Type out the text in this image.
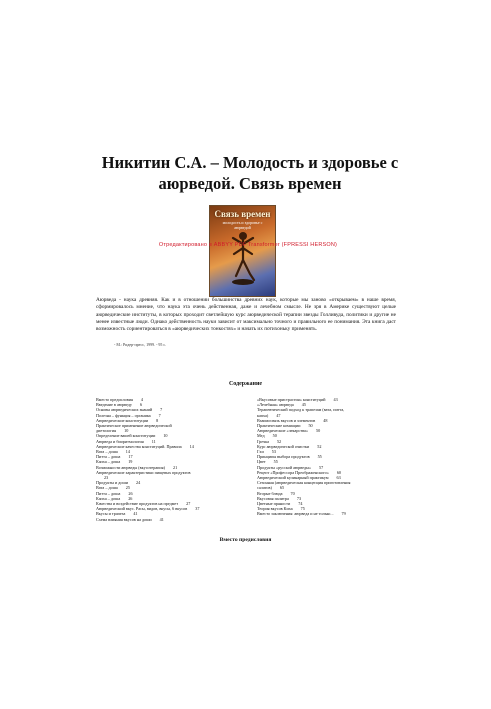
Никитин С.А. – Молодость и здоровье с аюрведой. Связь времен
Связь времен
молодость и здоровье с аюрведой
Отредактировано в ABBYY PDF Transformer (FPRESSI HERSON)

Аюрведа - наука древняя. Как и в отношении большинства древних наук, которые мы заново «открываем» в наше время, сформировалось мнение, что наука эта очень действенная, даже и лечебном смысле. Не зря в Америке существуют целые аюрведические институты, в которых проходит светлейшую курс аюрведической терапии звезды Голливуда, политики и другие не менее известные люди. Однако действенность науки зависит от максимально точного и правильного ее понимания. Эта книга даст возможность сориентироваться в «аюрведических тонкостях» и начать их потихоньку применять.

- М.: Ридер-пресс, 1999. - 95 с.
Содержание
Вместо предисловия 4
Введение в аюрведу 6
Основы аюрведических знаний 7
Полезна – функция – органика 7
Аюрведические конституции 8
Практическое применение аюрведической
диетология 10
Определение вашей конституции 10
Аюрведа и биоритмология 11
Аюрведические качества конституций. Правила 14
Вата – доша 14
Питта – доша 17
Капха – доша 19
Возможности аюрведы (вкусотерапия) 21
Аюрведические характеристики пищевых продуктов
23
Продукты и доши 24
Вата – доша 25
Питта – доша 26
Капха – доша 26
Качества и воздействие продуктов на предмет 27
Аюрведический вкус. Расы, видов, вкусы, 6 вкусов 37
Вкусы и трапеза 41
Схема влияния вкусов на доши 41
«Вкусовые пристрастия» конституций 43
«Лечебная» аюрведа 45
Терапевтический подход к трапезам (вата, питта,
капха) 47
Взаимосвязь вкусов и элементов 48
Практические комиации 50
Аюрведические «лекарства» 50
Мед 50
Гречка 52
Курс аюрведической очистки 52
Гхи 53
Принципы выбора продуктов 55
Цвет 55
Продукты «русской аюрведы» 57
Рецепт «Профессора Преображенского» 60
Аюрведический кулинарный практикум 63
Сезонная (аюрведическая концепция приготовления
салатов) 65
Вторые блюда 70
Вкусовая палитра 73
Цветные пряности 74
Теория вкусов Киха 75
Вместо заключения: аюрведа и не только... 79
Вместо предисловия
